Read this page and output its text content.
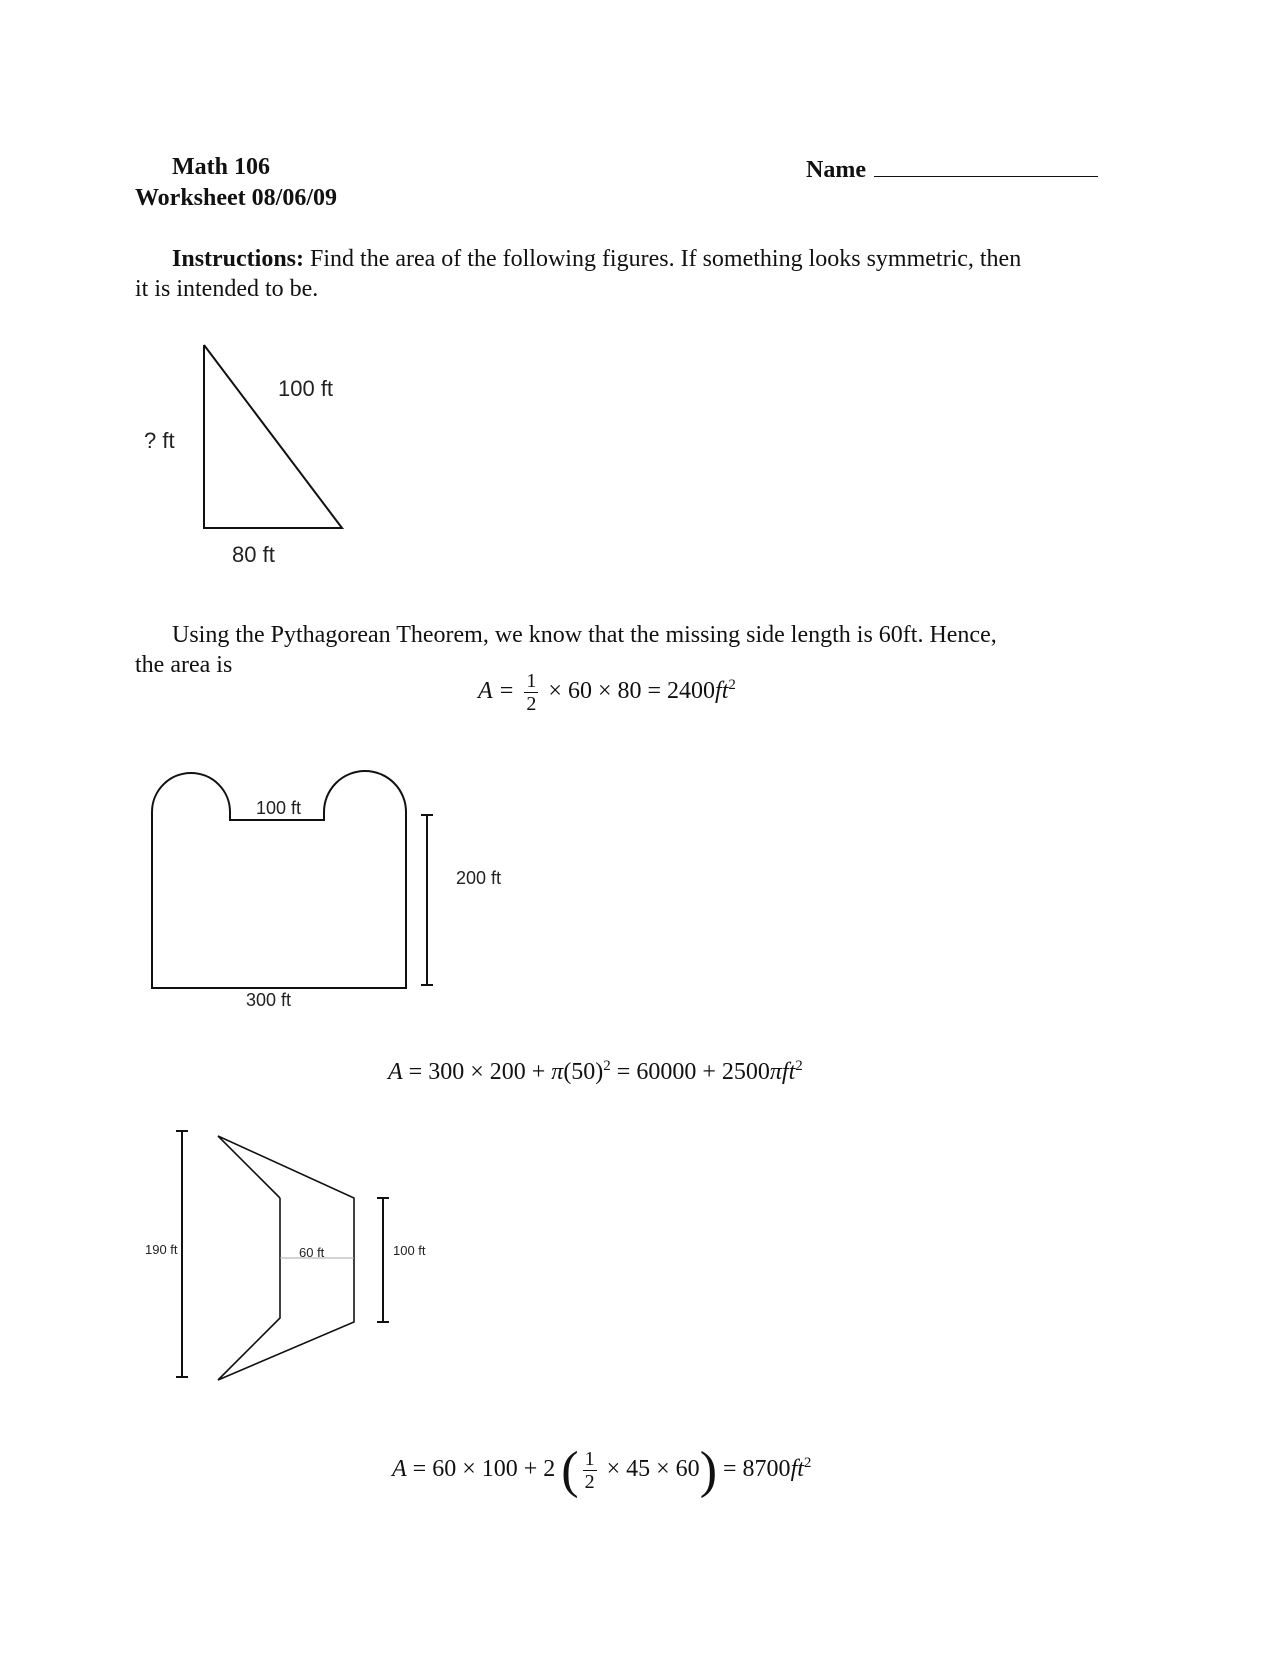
Math 106
Worksheet 08/06/09
Name
Instructions: Find the area of the following figures. If something looks symmetric, then
it is intended to be.
100 ft
? ft
80 ft
Using the Pythagorean Theorem, we know that the missing side length is 60ft. Hence,
the area is
$A = \frac{1}{2} \times 60 \times 80 = 2400ft^2$
100 ft
200 ft
300 ft
$A = 300 \times 200 + \pi(50)^2 = 60000 + 2500\pi ft^2$
190 ft	60 ft	100 ft
A = 60 × 100 + 2 ( $\frac{1}{2} \times 45 \times 60) = 8700ft^2$
